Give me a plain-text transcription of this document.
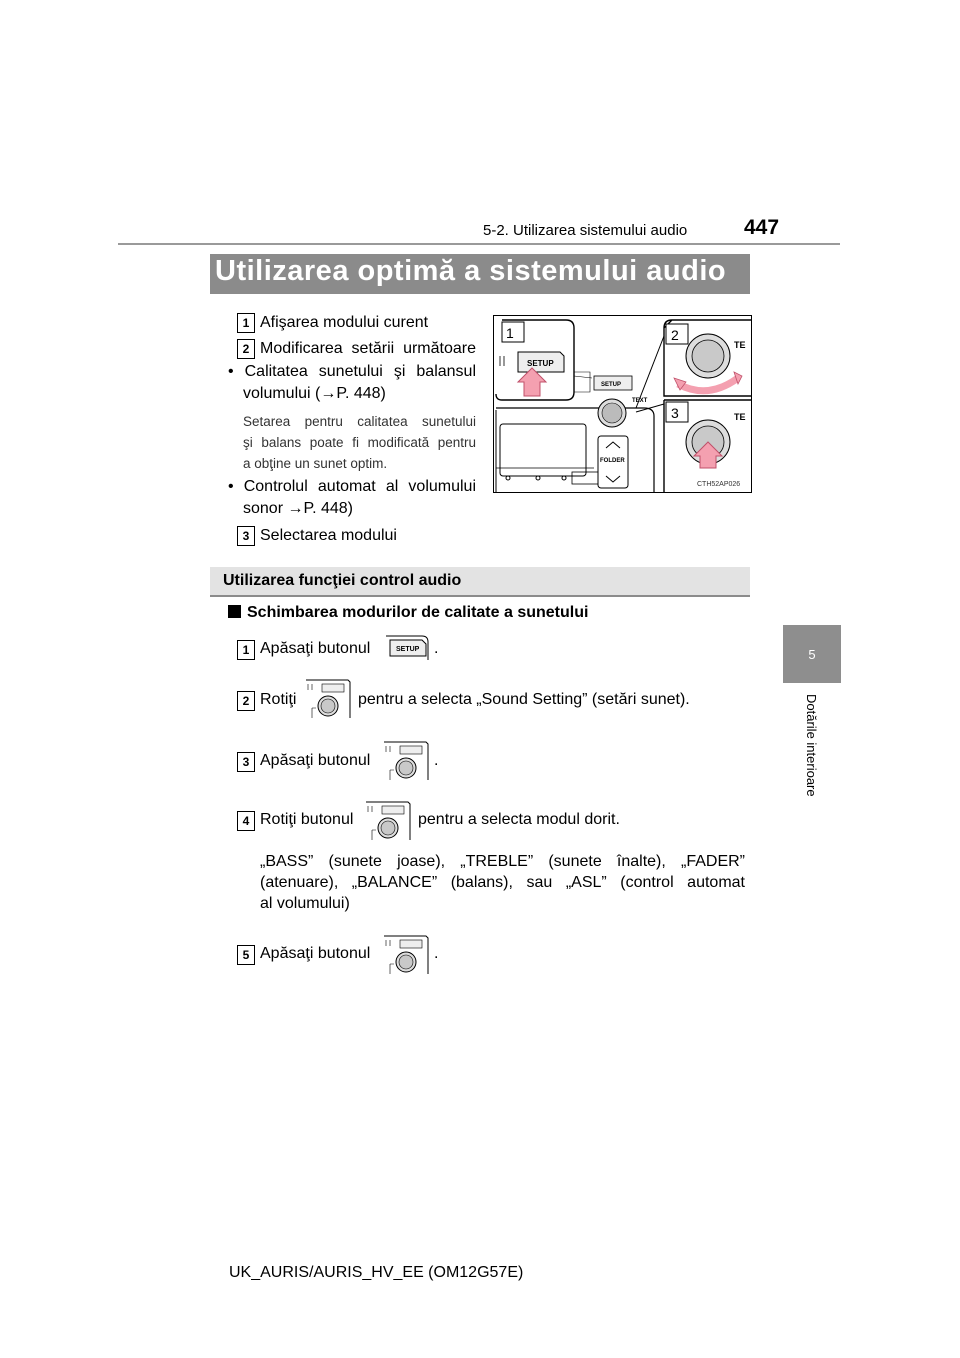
5-2. Utilizarea sistemului audio	447
5
Dotările interioare
Utilizarea optimă a sistemului audio
1 Afişarea modului curent
2 Modificarea setării următoare
• Calitatea sunetului şi balansul
volumului (→P. 448)
Setarea pentru calitatea sunetului
şi balans poate fi modificată pentru
a obţine un sunet optim.
• Controlul automat al volumului
sonor →P. 448)
3 Selectarea modului
TEXT
FOLDER
SETUP
1
SETUP
2
TE
3	TE
CTH52AP026
Utilizarea funcţiei control audio
Schimbarea modurilor de calitate a sunetului
1 Apăsaţi butonul	SETUP .
2 Rotiţi	pentru a selecta „Sound Setting” (setări sunet).
3 Apăsaţi butonul	.
4 Rotiţi butonul	pentru a selecta modul dorit.
„BASS” (sunete joase), „TREBLE” (sunete înalte), „FADER”
(atenuare), „BALANCE” (balans), sau „ASL” (control automat
al volumului)
5 Apăsaţi butonul	.
UK_AURIS/AURIS_HV_EE (OM12G57E)
